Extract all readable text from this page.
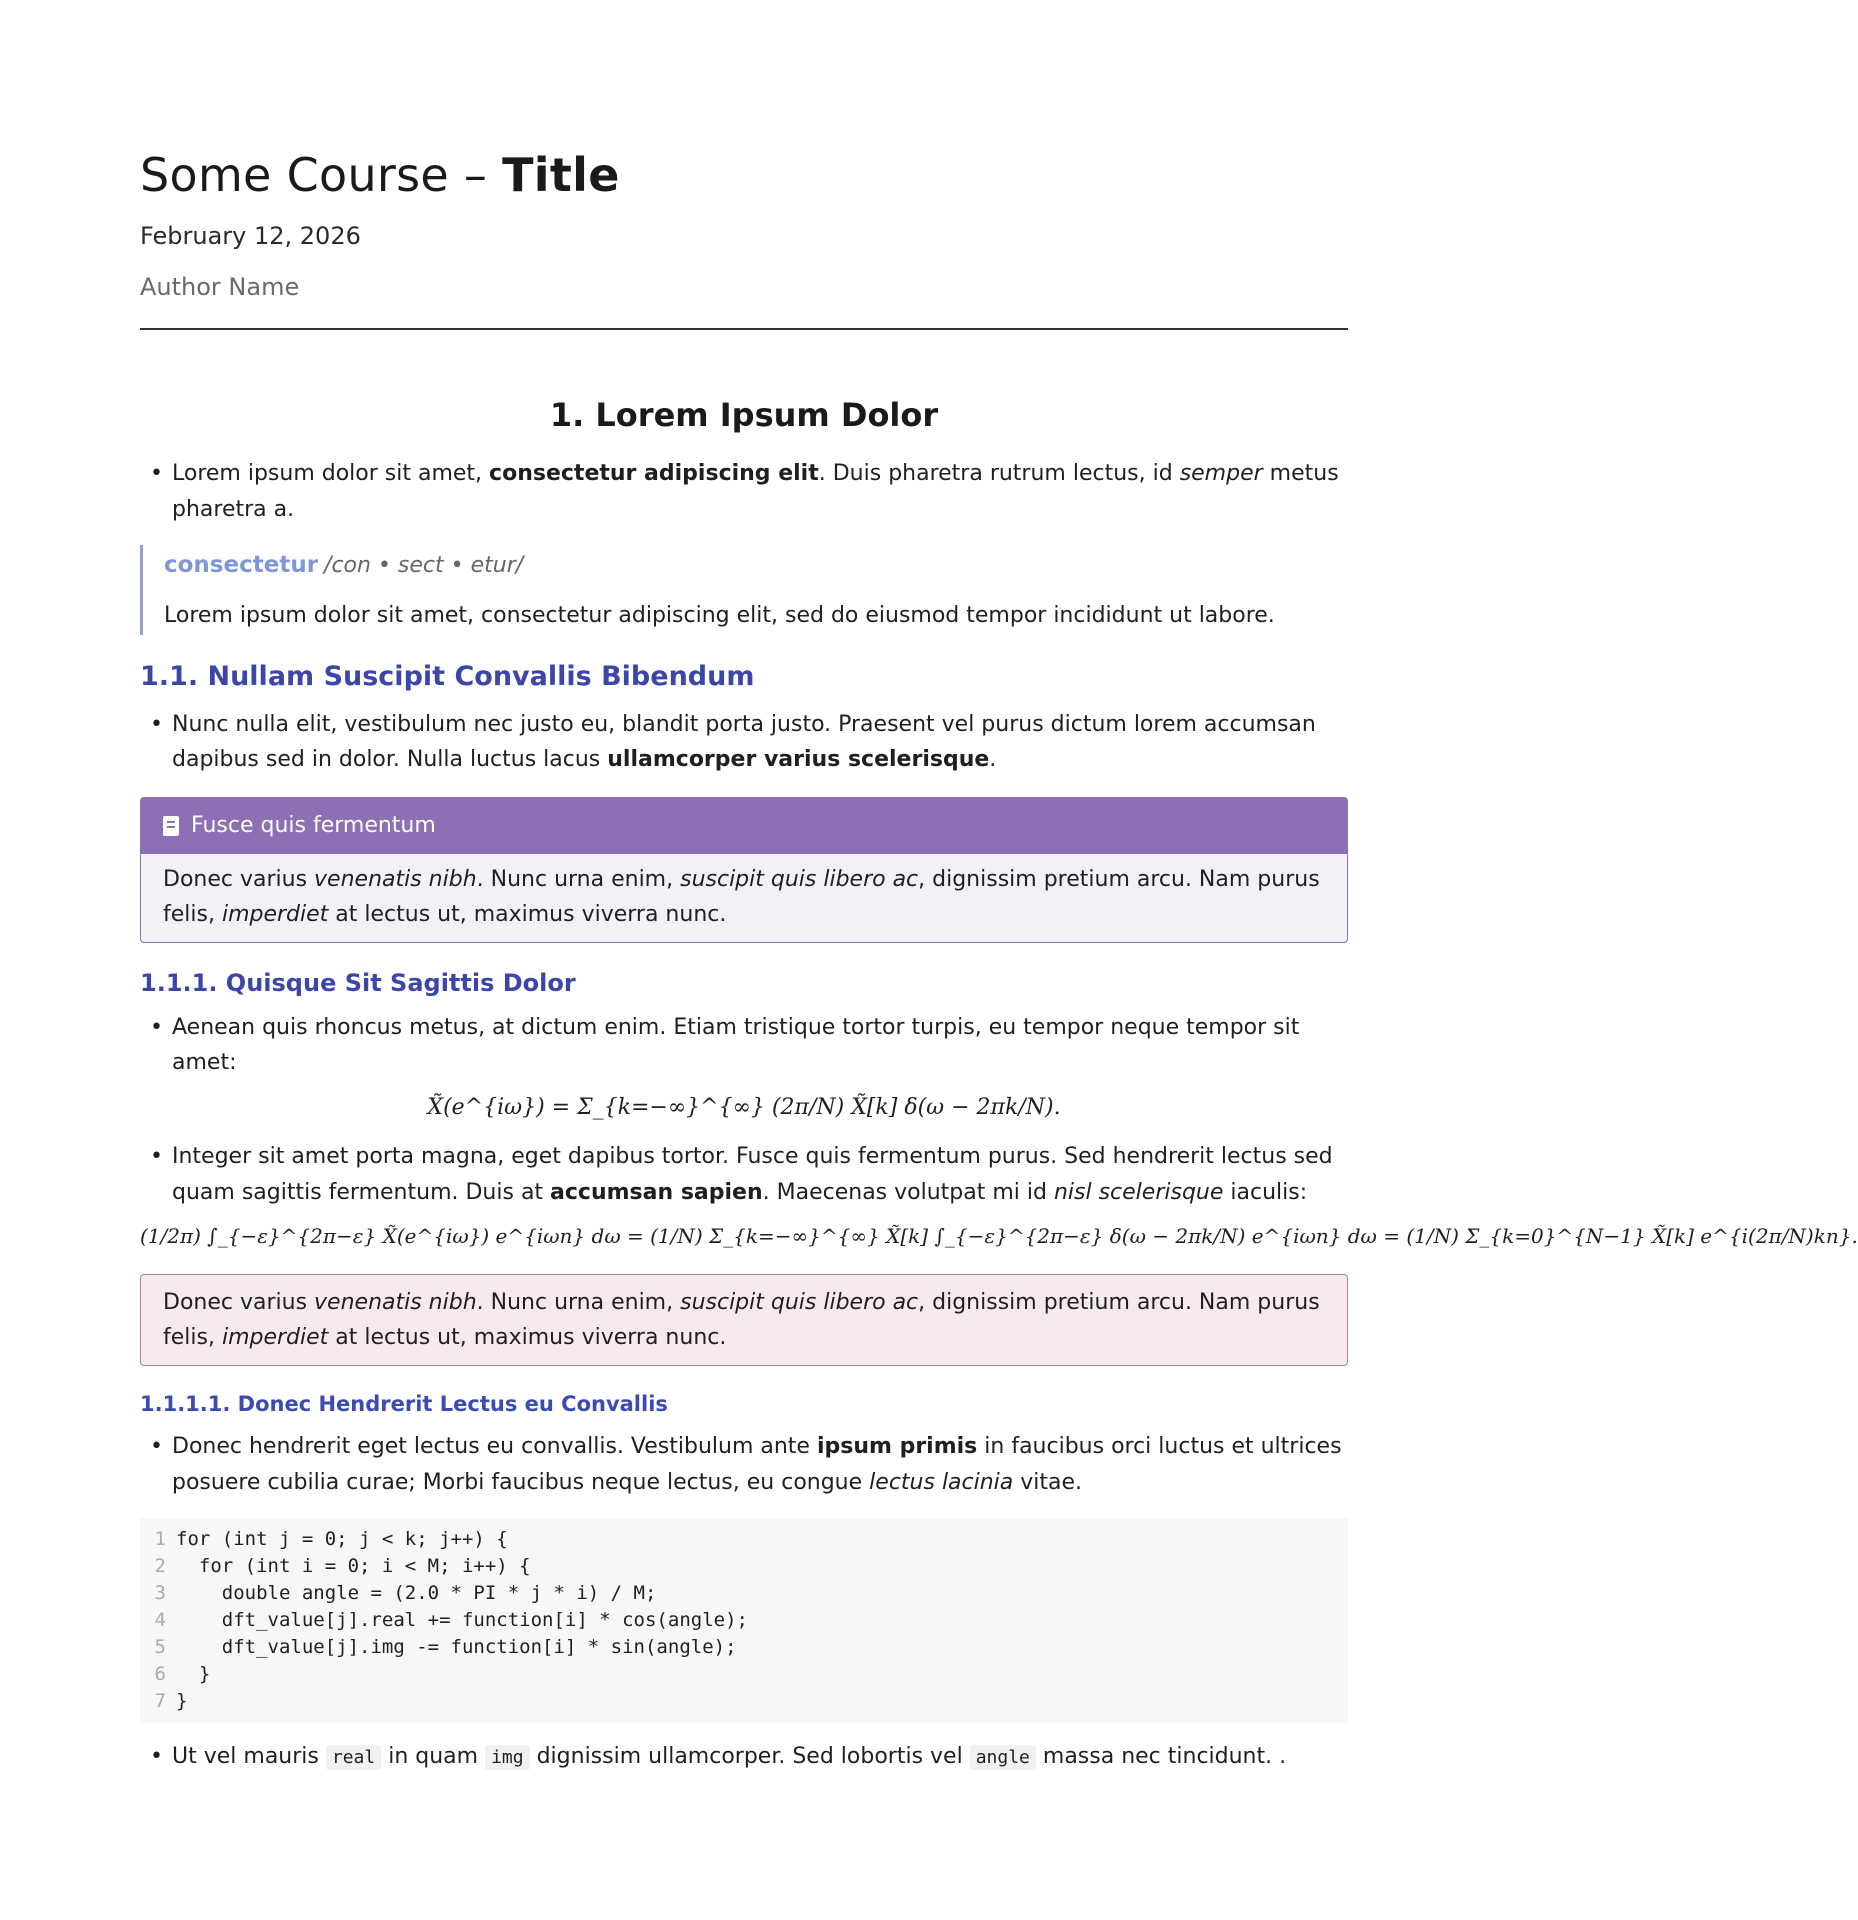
Some Course – Title
February 12, 2026
Author Name
1. Lorem Ipsum Dolor
• Lorem ipsum dolor sit amet, consectetur adipiscing elit. Duis pharetra rutrum lectus, id semper metus pharetra a.
consectetur /con • sect • etur/
Lorem ipsum dolor sit amet, consectetur adipiscing elit, sed do eiusmod tempor incididunt ut labore.
1.1. Nullam Suscipit Convallis Bibendum
• Nunc nulla elit, vestibulum nec justo eu, blandit porta justo. Praesent vel purus dictum lorem accumsan dapibus sed in dolor. Nulla luctus lacus ullamcorper varius scelerisque.
Fusce quis fermentum
Donec varius venenatis nibh. Nunc urna enim, suscipit quis libero ac, dignissim pretium arcu. Nam purus felis, imperdiet at lectus ut, maximus viverra nunc.
1.1.1. Quisque Sit Sagittis Dolor
• Aenean quis rhoncus metus, at dictum enim. Etiam tristique tortor turpis, eu tempor neque tempor sit amet:
X̃(e^{iω}) = Σ_{k=−∞}^{∞} (2π/N) X̃[k] δ(ω − 2πk/N).
• Integer sit amet porta magna, eget dapibus tortor. Fusce quis fermentum purus. Sed hendrerit lectus sed quam sagittis fermentum. Duis at accumsan sapien. Maecenas volutpat mi id nisl scelerisque iaculis:
(1/2π) ∫_{−ε}^{2π−ε} X̃(e^{iω}) e^{iωn} dω = (1/N) Σ_{k=−∞}^{∞} X̃[k] ∫_{−ε}^{2π−ε} δ(ω − 2πk/N) e^{iωn} dω = (1/N) Σ_{k=0}^{N−1} X̃[k] e^{i(2π/N)kn}.
Donec varius venenatis nibh. Nunc urna enim, suscipit quis libero ac, dignissim pretium arcu. Nam purus felis, imperdiet at lectus ut, maximus viverra nunc.
1.1.1.1. Donec Hendrerit Lectus eu Convallis
• Donec hendrerit eget lectus eu convallis. Vestibulum ante ipsum primis in faucibus orci luctus et ultrices posuere cubilia curae; Morbi faucibus neque lectus, eu congue lectus lacinia vitae.
1 for (int j = 0; j < k; j++) {
2  for (int i = 0; i < M; i++) {
3    double angle = (2.0 * PI * j * i) / M;
4    dft_value[j].real += function[i] * cos(angle);
5    dft_value[j].img -= function[i] * sin(angle);
6  }
7 }
• Ut vel mauris real in quam img dignissim ullamcorper. Sed lobortis vel angle massa nec tincidunt. .
